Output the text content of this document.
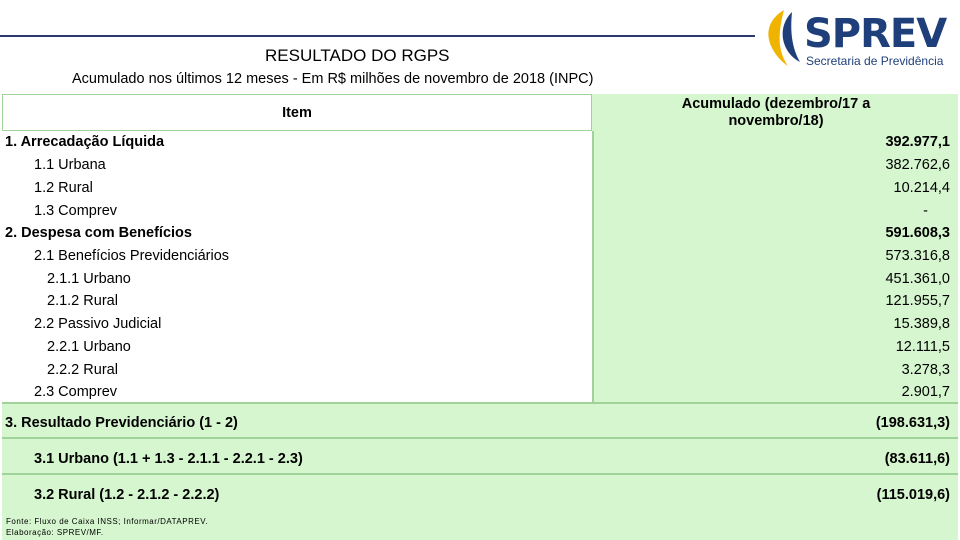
SPREV
Secretaria de Previdência
RESULTADO DO RGPS
Acumulado nos últimos 12 meses - Em R$ milhões de novembro de 2018 (INPC)
Item
Acumulado (dezembro/17 a
novembro/18)
1. Arrecadação Líquida	392.977,1
1.1 Urbana	382.762,6
1.2 Rural	10.214,4
1.3 Comprev	-
2. Despesa com Benefícios	591.608,3
2.1 Benefícios Previdenciários	573.316,8
2.1.1 Urbano	451.361,0
2.1.2 Rural	121.955,7
2.2 Passivo Judicial	15.389,8
2.2.1 Urbano	12.111,5
2.2.2 Rural	3.278,3
2.3 Comprev	2.901,7
3. Resultado Previdenciário (1 - 2)	(198.631,3)
3.1 Urbano (1.1 + 1.3 - 2.1.1 - 2.2.1 - 2.3)	(83.611,6)
3.2 Rural (1.2 - 2.1.2 - 2.2.2)	(115.019,6)
Fonte: Fluxo de Caixa INSS; Informar/DATAPREV.
Elaboração: SPREV/MF.
